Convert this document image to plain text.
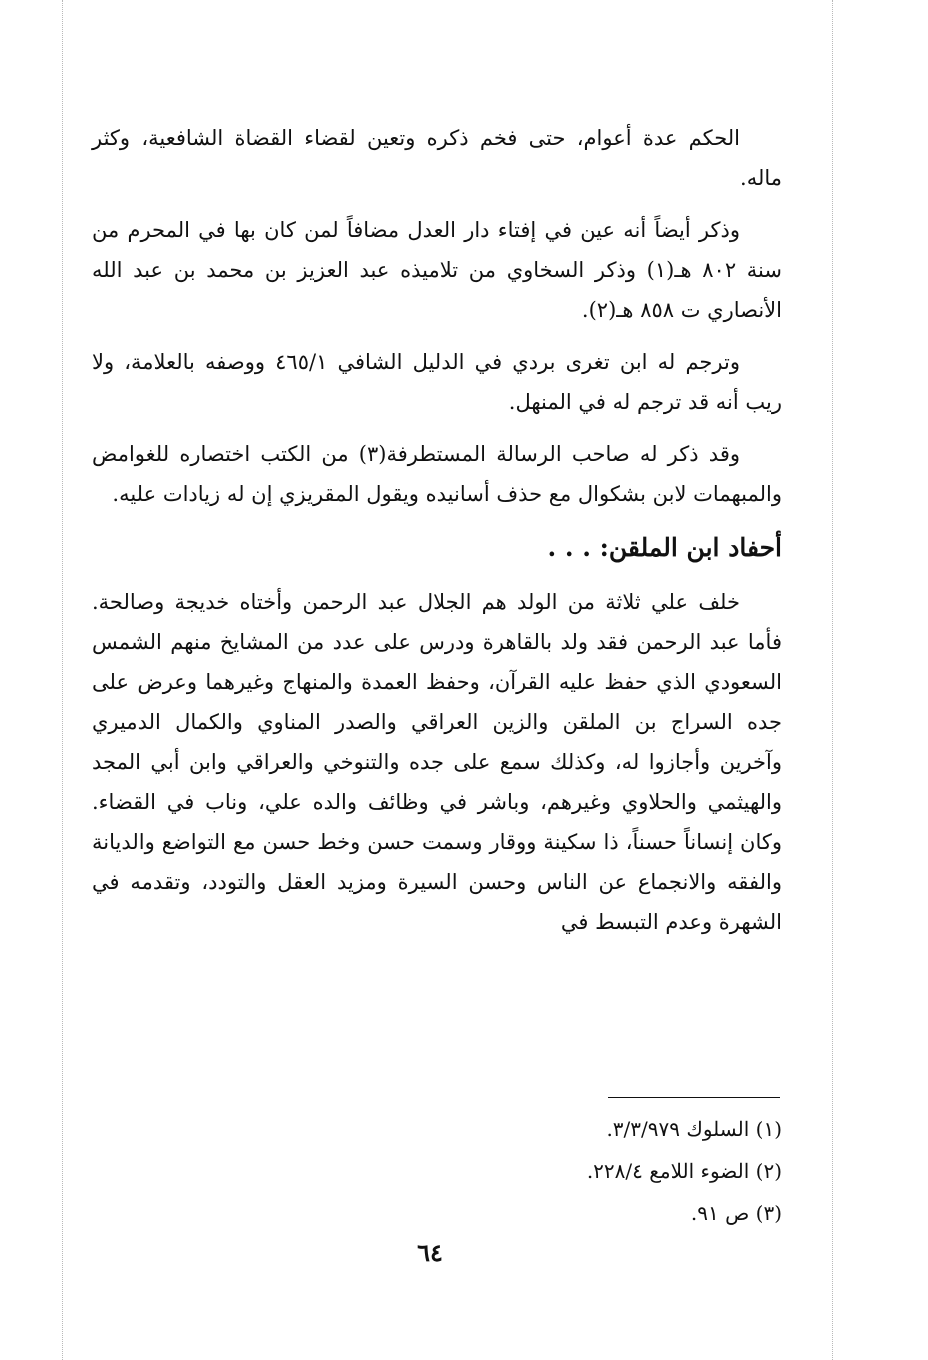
الحكم عدة أعوام، حتى فخم ذكره وتعين لقضاء القضاة الشافعية، وكثر ماله.

وذكر أيضاً أنه عين في إفتاء دار العدل مضافاً لمن كان بها في المحرم من سنة ٨٠٢ هـ(١) وذكر السخاوي من تلاميذه عبد العزيز بن محمد بن عبد الله الأنصاري ت ٨٥٨ هـ(٢).

وترجم له ابن تغرى بردي في الدليل الشافي ٤٦٥/١ ووصفه بالعلامة، ولا ريب أنه قد ترجم له في المنهل.

وقد ذكر له صاحب الرسالة المستطرفة(٣) من الكتب اختصاره للغوامض والمبهمات لابن بشكوال مع حذف أسانيده ويقول المقريزي إن له زيادات عليه.

أحفاد ابن الملقن: . . .

خلف علي ثلاثة من الولد هم الجلال عبد الرحمن وأختاه خديجة وصالحة. فأما عبد الرحمن فقد ولد بالقاهرة ودرس على عدد من المشايخ منهم الشمس السعودي الذي حفظ عليه القرآن، وحفظ العمدة والمنهاج وغيرهما وعرض على جده السراج بن الملقن والزين العراقي والصدر المناوي والكمال الدميري وآخرين وأجازوا له، وكذلك سمع على جده والتنوخي والعراقي وابن أبي المجد والهيثمي والحلاوي وغيرهم، وباشر في وظائف والده علي، وناب في القضاء. وكان إنساناً حسناً، ذا سكينة ووقار وسمت حسن وخط حسن مع التواضع والديانة والفقه والانجماع عن الناس وحسن السيرة ومزيد العقل والتودد، وتقدمه في الشهرة وعدم التبسط في

(١) السلوك ٣/٣/٩٧٩.

(٢) الضوء اللامع ٢٢٨/٤.

(٣) ص ٩١.

٦٤
